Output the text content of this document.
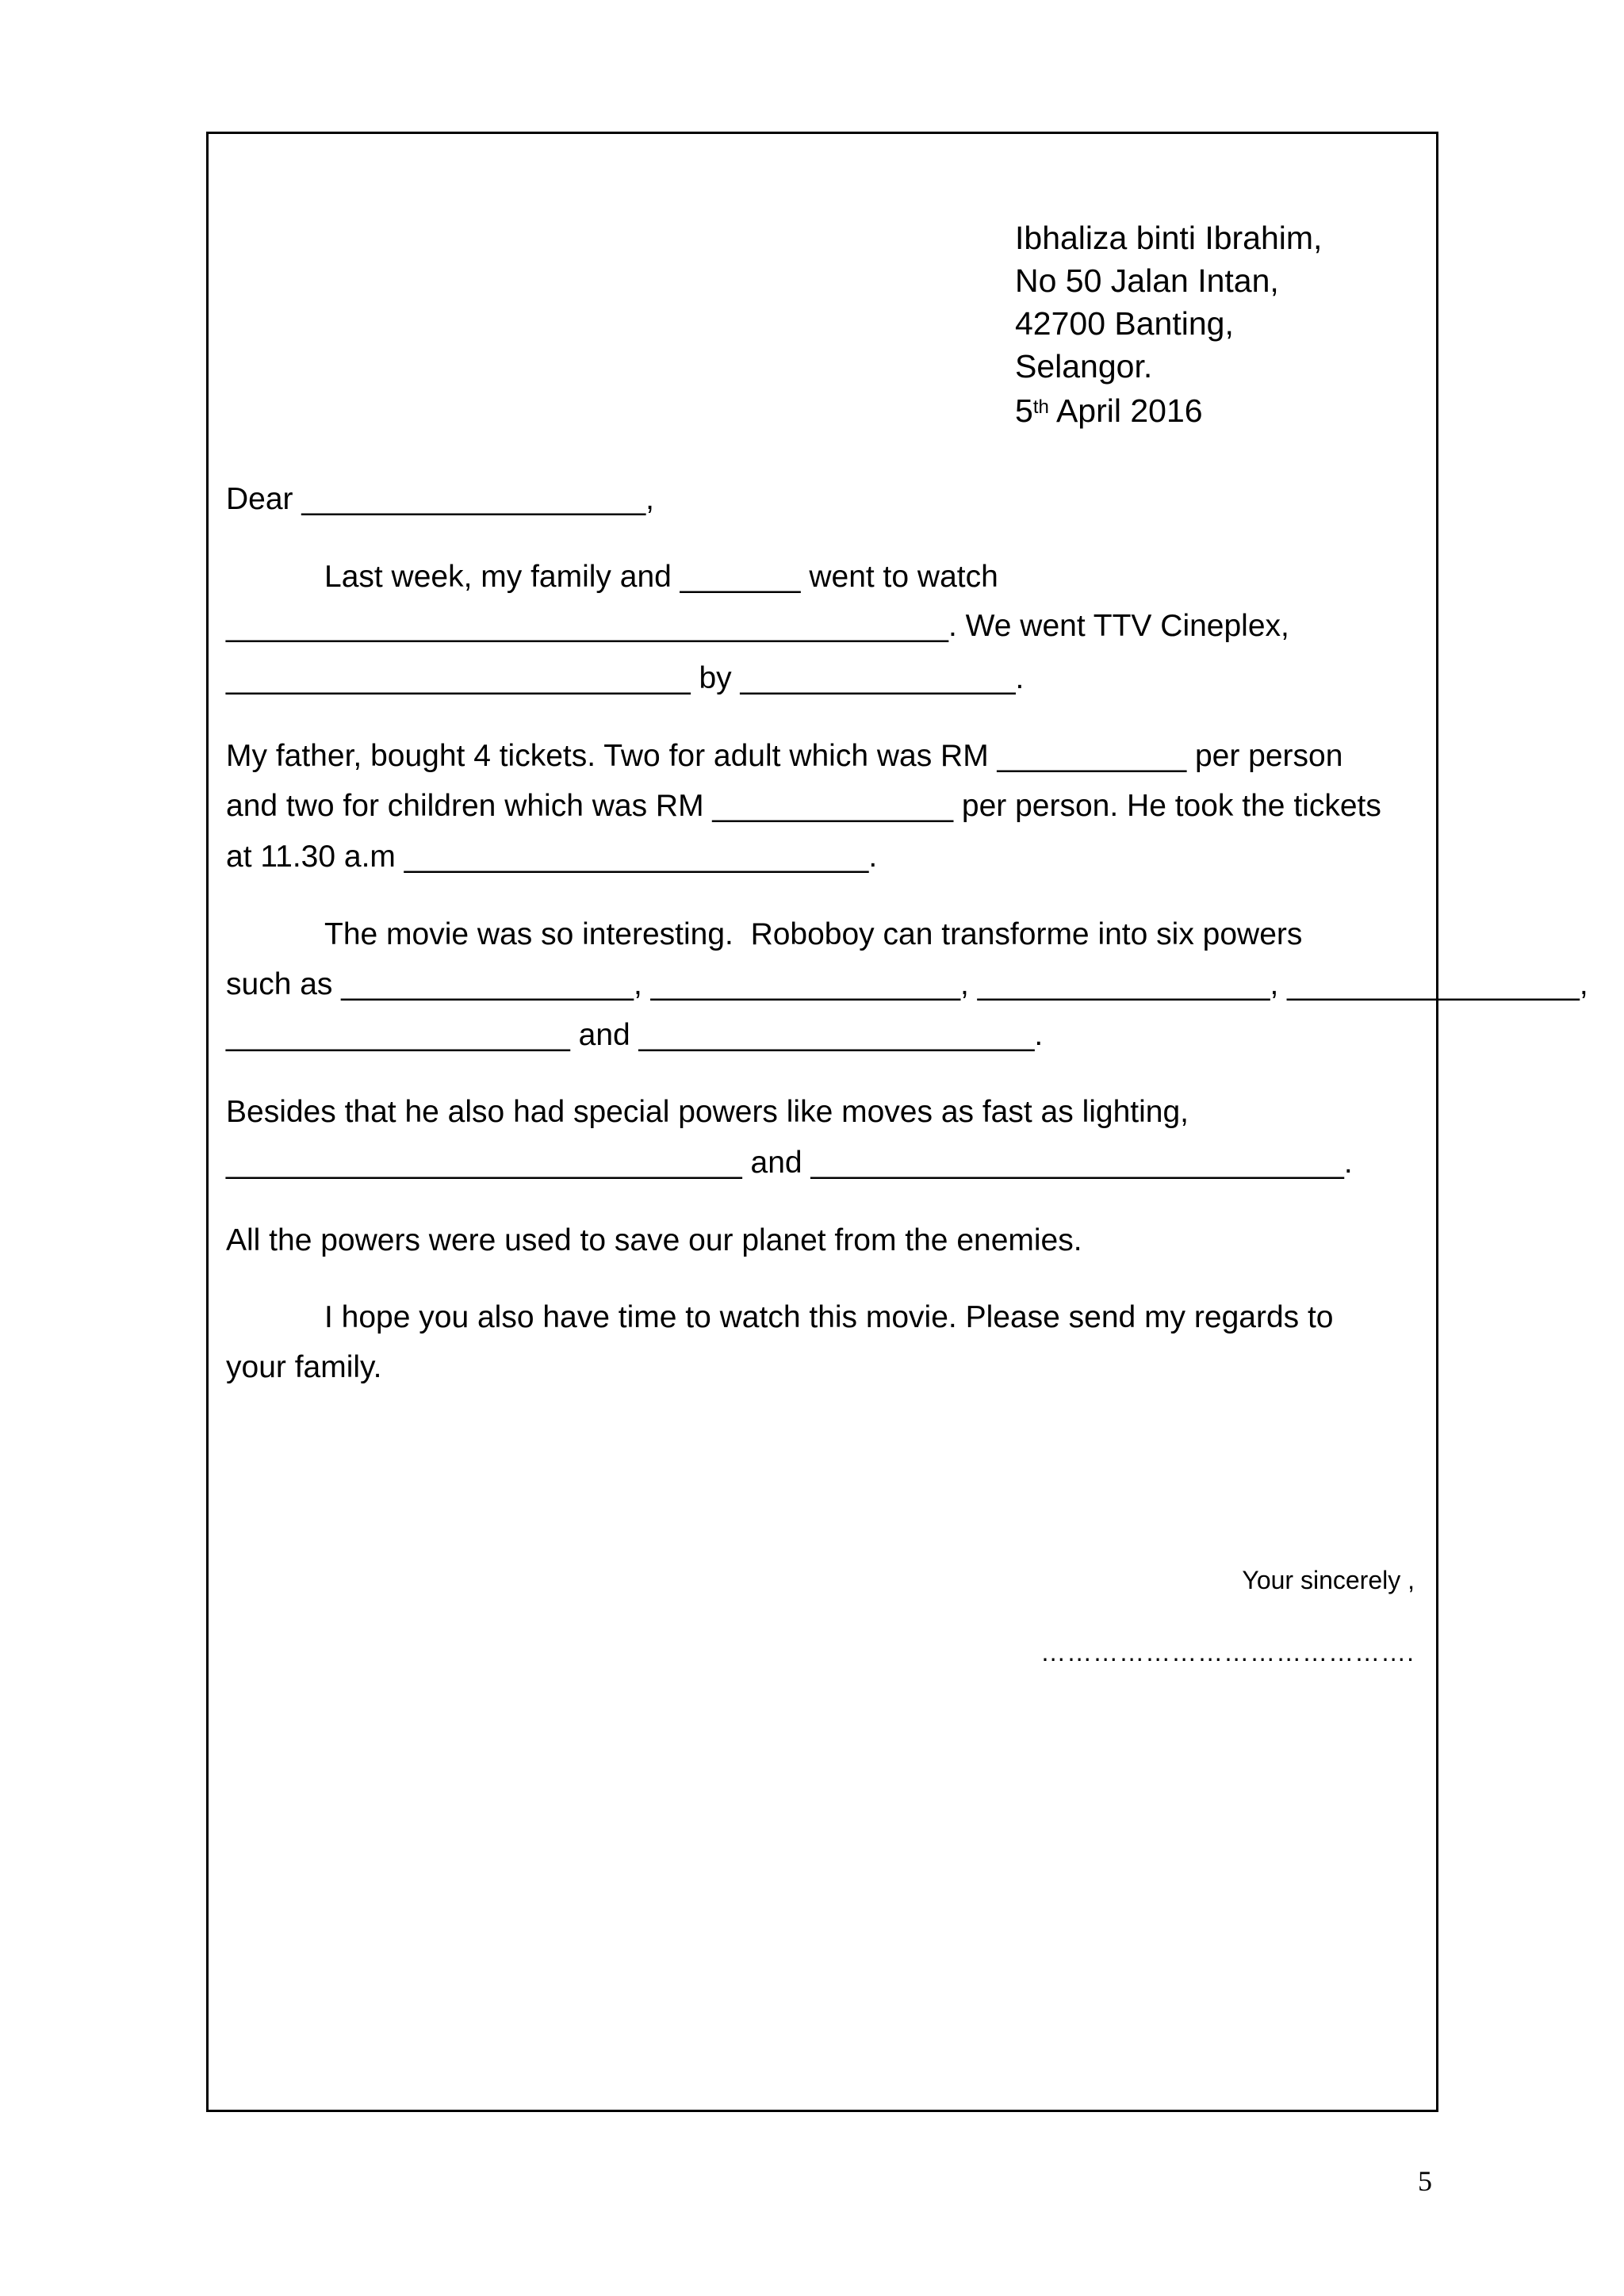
Ibhaliza binti Ibrahim,
No 50 Jalan Intan,
42700 Banting,
Selangor.
5th April 2016
Dear ____________________,
Last week, my family and _______ went to watch
__________________________________________. We went TTV Cineplex,
___________________________ by ________________.
My father, bought 4 tickets. Two for adult which was RM ___________ per person
and two for children which was RM ______________ per person. He took the tickets
at 11.30 a.m ___________________________.
The movie was so interesting.  Roboboy can transforme into six powers
such as _________________, __________________, _________________, _________________,
____________________ and _______________________.
Besides that he also had special powers like moves as fast as lighting,
______________________________ and _______________________________.
All the powers were used to save our planet from the enemies.
I hope you also have time to watch this movie. Please send my regards to
your family.
Your sincerely ,
…………………………………….
5
